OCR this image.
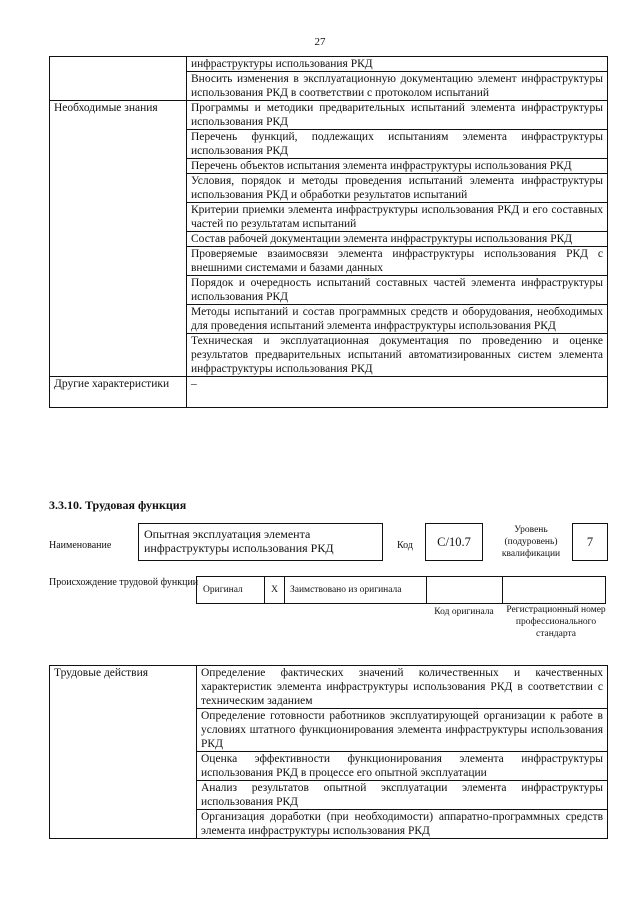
27
	инфраструктуры использования РКД
	Вносить изменения в эксплуатационную документацию элемент инфраструктуры использования РКД в соответствии с протоколом испытаний
Необходимые знания	Программы и методики предварительных испытаний элемента инфраструктуры использования РКД
	Перечень функций, подлежащих испытаниям элемента инфраструктуры использования РКД
	Перечень объектов испытания элемента инфраструктуры использования РКД
	Условия, порядок и методы проведения испытаний элемента инфраструктуры использования РКД и обработки результатов испытаний
	Критерии приемки элемента инфраструктуры использования РКД и его составных частей по результатам испытаний
	Состав рабочей документации элемента инфраструктуры использования РКД
	Проверяемые взаимосвязи элемента инфраструктуры использования РКД с внешними системами и базами данных
	Порядок и очередность испытаний составных частей элемента инфраструктуры использования РКД
	Методы испытаний и состав программных средств и оборудования, необходимых для проведения испытаний элемента инфраструктуры использования РКД
	Техническая и эксплуатационная документация по проведению и оценке результатов предварительных испытаний автоматизированных систем элемента инфраструктуры использования РКД
Другие характеристики	–
3.3.10. Трудовая функция
Наименование
Опытная эксплуатация элемента инфраструктуры использования РКД	Код	C/10.7
Уровень (подуровень) квалификации
7
Происхождение трудовой функции
Оригинал	X	Заимствовано из оригинала
Код оригинала	Регистрационный номер профессионального стандарта
Трудовые действия	Определение фактических значений количественных и качественных характеристик элемента инфраструктуры использования РКД в соответствии с техническим заданием
Определение готовности работников эксплуатирующей организации к работе в условиях штатного функционирования элемента инфраструктуры использования РКД
Оценка эффективности функционирования элемента инфраструктуры использования РКД в процессе его опытной эксплуатации
Анализ результатов опытной эксплуатации элемента инфраструктуры использования РКД
Организация доработки (при необходимости) аппаратно-программных средств элемента инфраструктуры использования РКД
